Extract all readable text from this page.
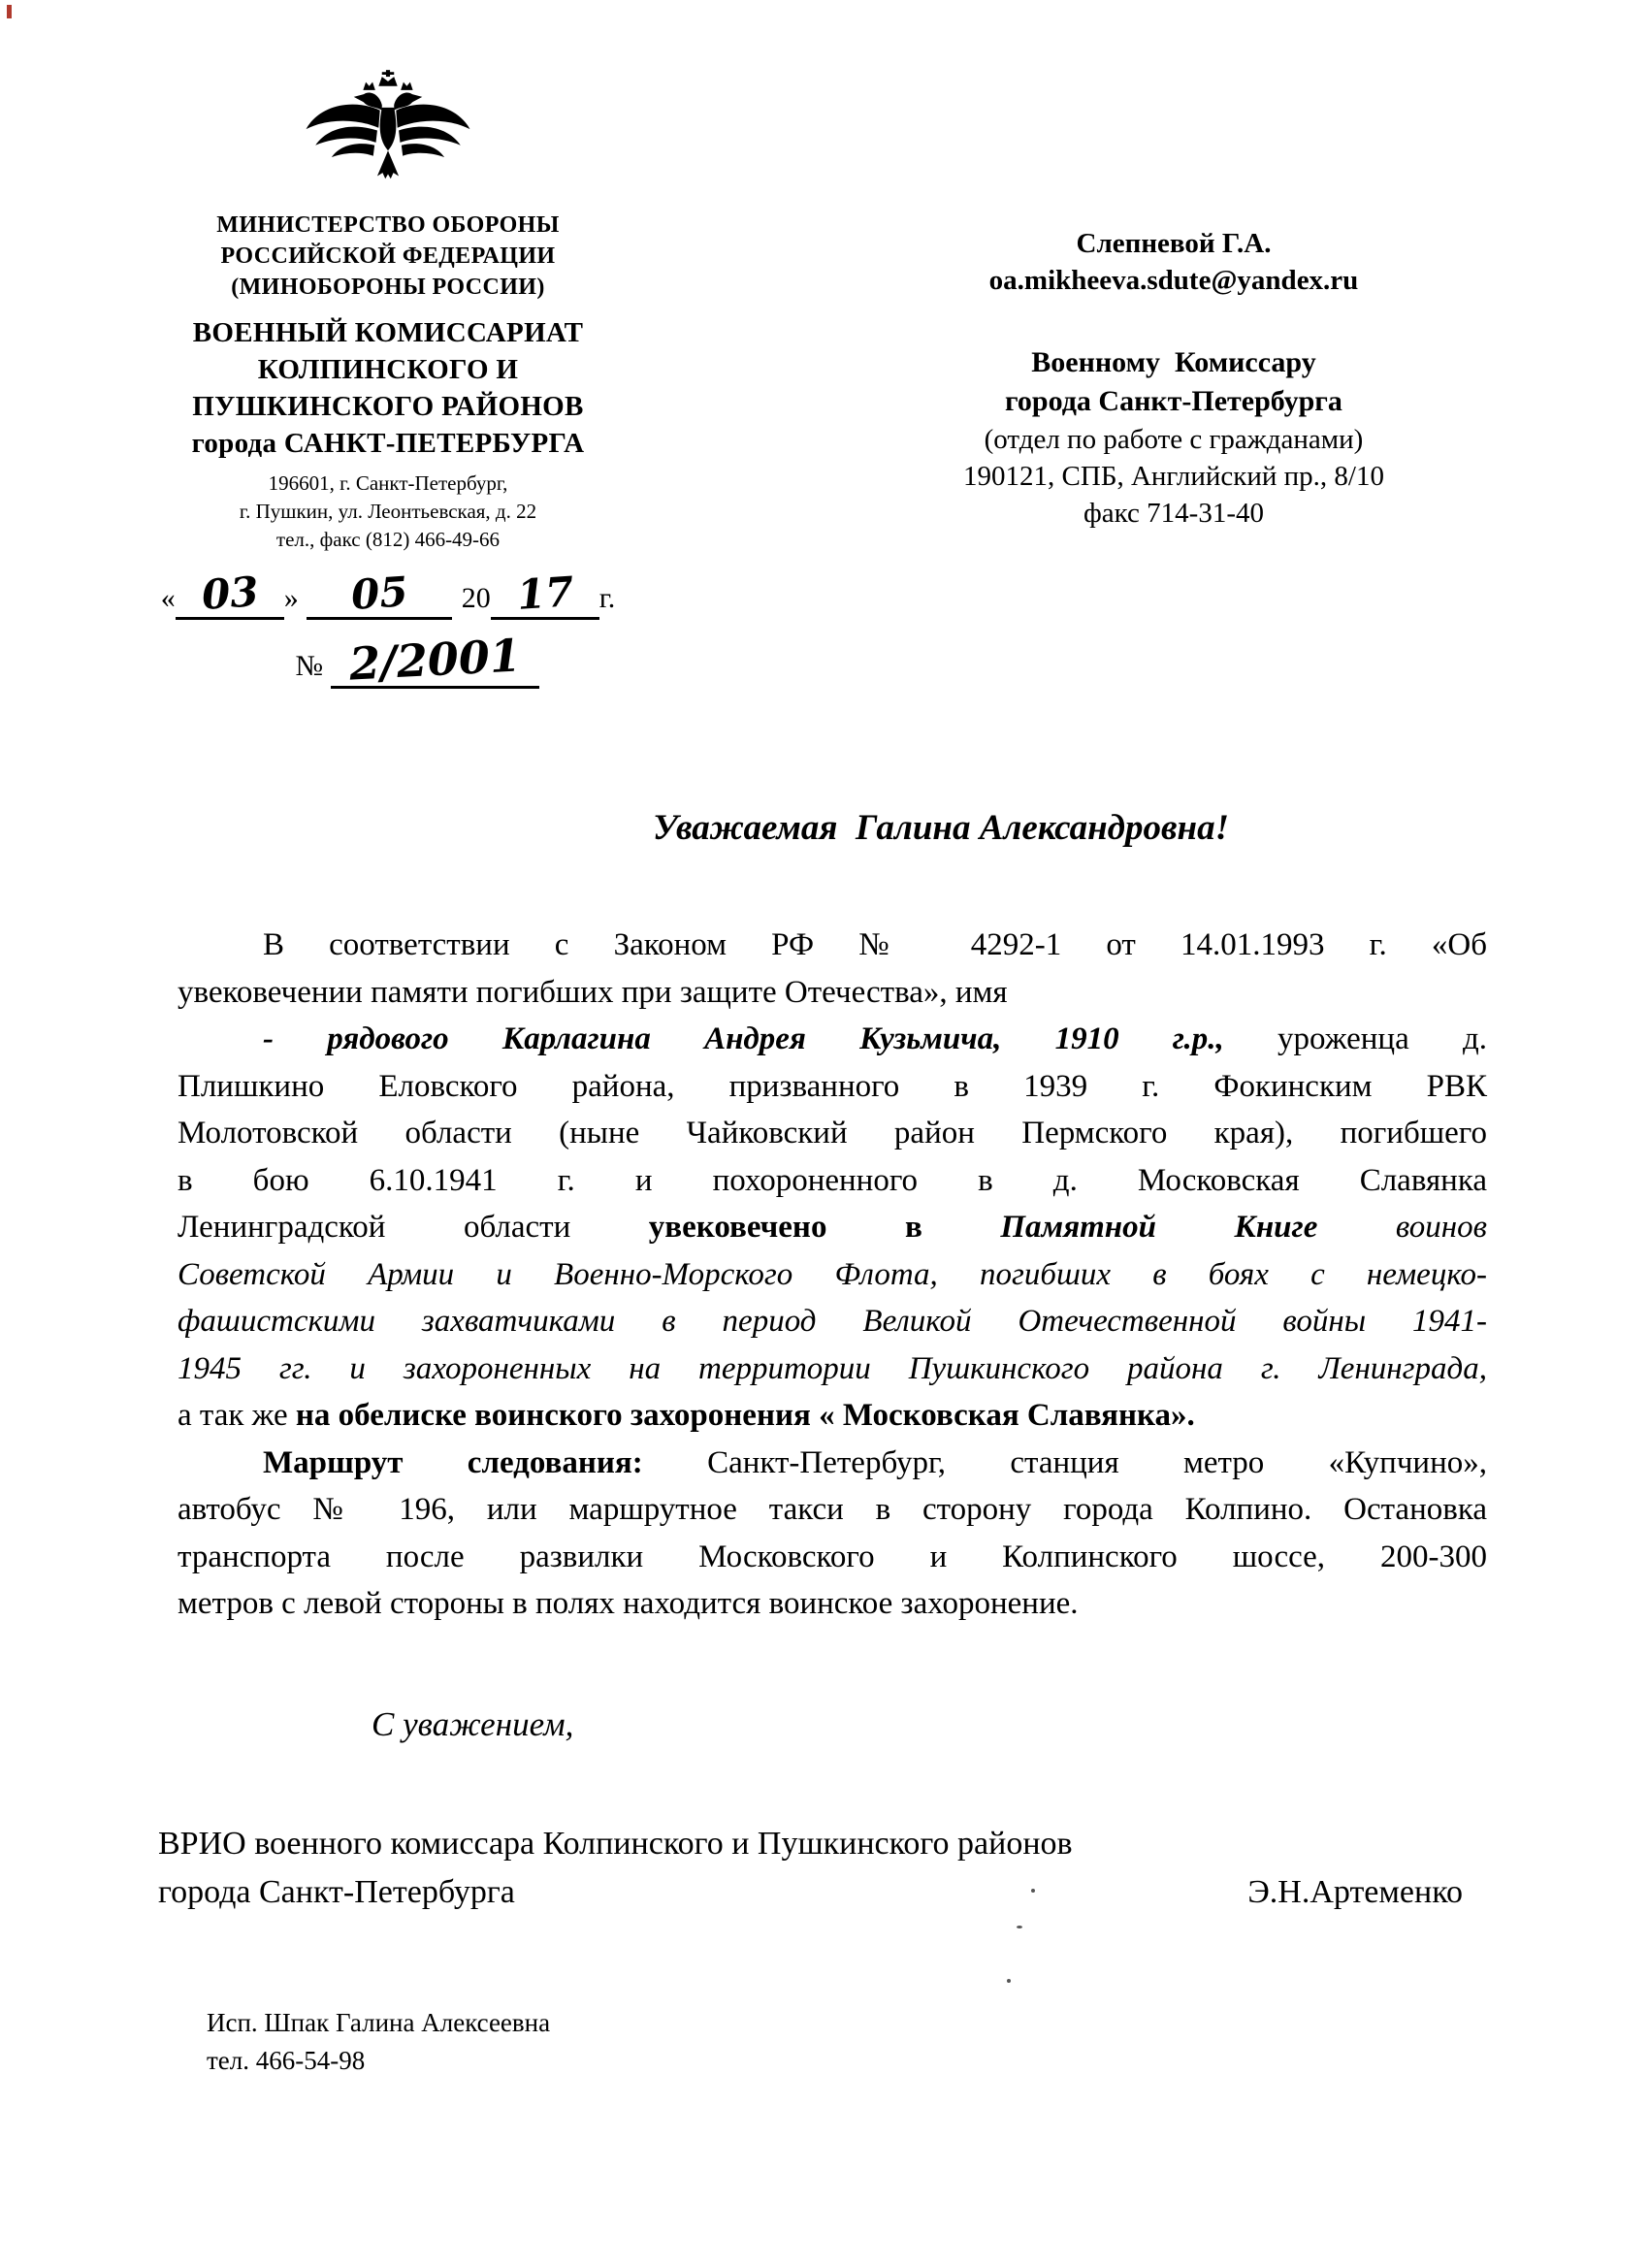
МИНИСТЕРСТВО ОБОРОНЫ
РОССИЙСКОЙ ФЕДЕРАЦИИ
(МИНОБОРОНЫ РОССИИ)
ВОЕННЫЙ КОМИССАРИАТ
КОЛПИНСКОГО И
ПУШКИНСКОГО РАЙОНОВ
города САНКТ-ПЕТЕРБУРГА
196601, г. Санкт-Петербург,
г. Пушкин, ул. Леонтьевская, д. 22
тел., факс (812) 466-49-66
« 03 » 05 20 17 г.
№ 2/2001
Слепневой Г.А.
oa.mikheeva.sdute@yandex.ru
Военному  Комиссару
города Санкт-Петербурга
(отдел по работе с гражданами)
190121, СПБ, Английский пр., 8/10
факс 714-31-40
Уважаемая  Галина Александровна!
В соответствии с Законом РФ № 4292-1 от 14.01.1993 г. «Об
увековечении памяти погибших при защите Отечества», имя
- рядового Карлагина Андрея Кузьмича, 1910 г.р., уроженца д.
Плишкино Еловского района, призванного в 1939 г. Фокинским РВК
Молотовской области (ныне Чайковский район Пермского края), погибшего
в бою 6.10.1941 г. и похороненного в д. Московская Славянка
Ленинградской области увековечено в Памятной Книге воинов
Советской Армии и Военно-Морского Флота, погибших в боях с немецко-
фашистскими захватчиками в период Великой Отечественной войны 1941-
1945 гг. и захороненных на территории Пушкинского района г. Ленинграда,
а так же на обелиске воинского захоронения « Московская Славянка».
Маршрут следования: Санкт-Петербург, станция метро «Купчино»,
автобус № 196, или маршрутное такси в сторону города Колпино. Остановка
транспорта после развилки Московского и Колпинского шоссе, 200-300
метров с левой стороны в полях находится воинское захоронение.
С уважением,
ВРИО военного комиссара Колпинского и Пушкинского районов
города Санкт-Петербурга	Э.Н.Артеменко
Исп. Шпак Галина Алексеевна
тел. 466-54-98
